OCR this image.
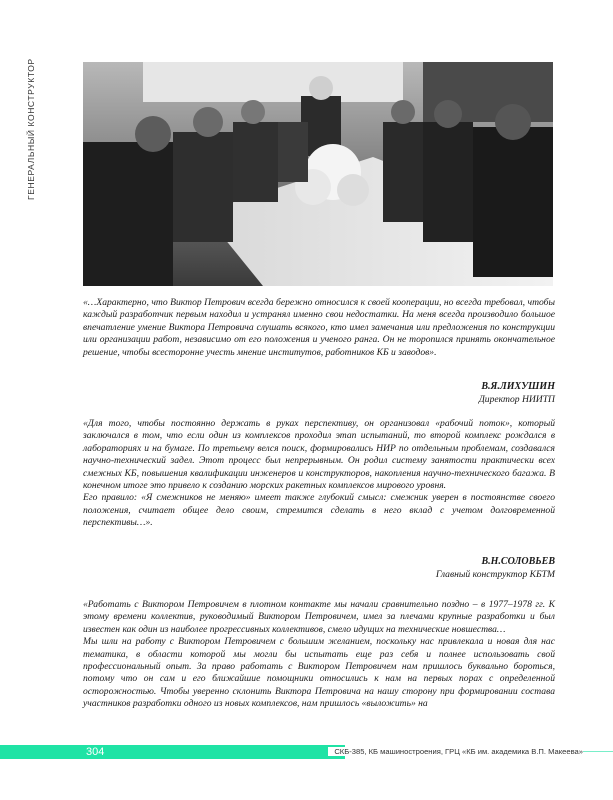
ГЕНЕРАЛЬНЫЙ КОНСТРУКТОР

«…Характерно, что Виктор Петрович всегда бережно относился к своей кооперации, но всегда требовал, чтобы каждый разработчик первым находил и устранял именно свои недостатки. На меня всегда производило большое впечатление умение Виктора Петровича слушать всякого, кто имел замечания или предложения по конструкции или организации работ, независимо от его положения и ученого ранга. Он не торопился принять окончательное решение, чтобы всесторонне учесть мнение институтов, работников КБ и заводов».

В.Я.ЛИХУШИН
Директор НИИТП

«Для того, чтобы постоянно держать в руках перспективу, он организовал «рабочий поток», который заключался в том, что если один из комплексов проходил этап испытаний, то второй комплекс рождался в лабораториях и на бумаге. По третьему велся поиск, формировались НИР по отдельным проблемам, создавался научно-технический задел. Этот процесс был непрерывным. Он родил систему занятости практически всех смежных КБ, повышения квалификации инженеров и конструкторов, накопления научно-технического багажа. В конечном итоге это привело к созданию морских ракетных комплексов мирового уровня.

Его правило: «Я смежников не меняю» имеет также глубокий смысл: смежник уверен в постоянстве своего положения, считает общее дело своим, стремится сделать в него вклад с учетом долговременной перспективы…».

В.Н.СОЛОВЬЕВ
Главный конструктор КБТМ

«Работать с Виктором Петровичем в плотном контакте мы начали сравнительно поздно – в 1977–1978 гг. К этому времени коллектив, руководимый Виктором Петровичем, имел за плечами крупные разработки и был известен как один из наиболее прогрессивных коллективов, смело идущих на технические новшества…

Мы шли на работу с Виктором Петровичем с большим желанием, поскольку нас привлекала и новая для нас тематика, в области которой мы могли бы испытать еще раз себя и полнее использовать свой профессиональный опыт. За право работать с Виктором Петровичем нам пришлось буквально бороться, потому что он сам и его ближайшие помощники относились к нам на первых порах с определенной осторожностью. Чтобы уверенно склонить Виктора Петровича на нашу сторону при формировании состава участников разработки одного из новых комплексов, нам пришлось «выложить» на

304	СКБ-385, КБ машиностроения, ГРЦ «КБ им. академика В.П. Макеева»
